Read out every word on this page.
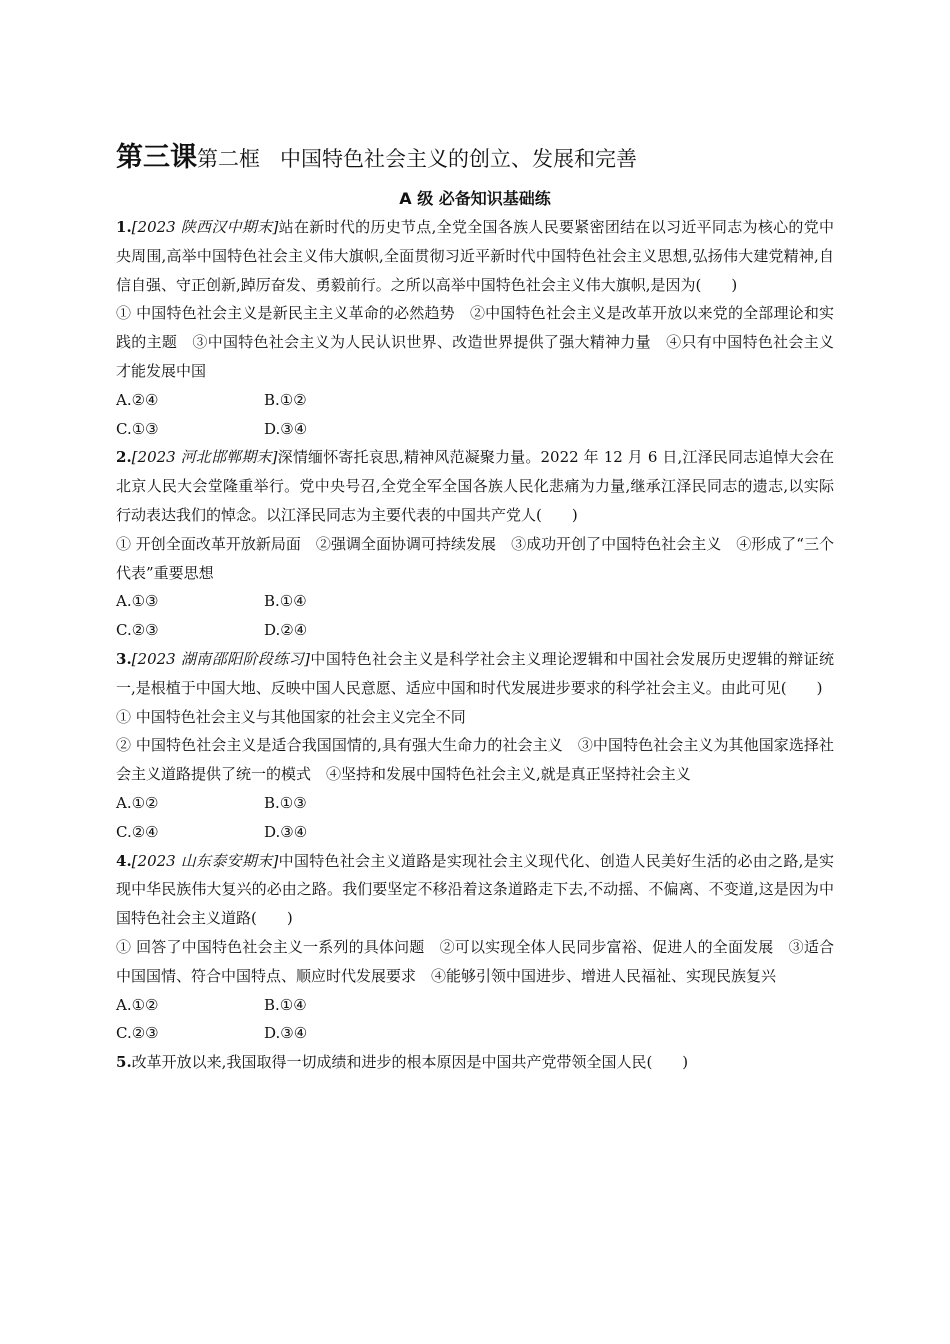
第三课第二框 中国特色社会主义的创立、发展和完善
A 级 必备知识基础练

1.[2023 陕西汉中期末]站在新时代的历史节点,全党全国各族人民要紧密团结在以习近平同志为核心的党中央周围,高举中国特色社会主义伟大旗帜,全面贯彻习近平新时代中国特色社会主义思想,弘扬伟大建党精神,自信自强、守正创新,踔厉奋发、勇毅前行。之所以高举中国特色社会主义伟大旗帜,是因为(　　)

① 中国特色社会主义是新民主主义革命的必然趋势　②中国特色社会主义是改革开放以来党的全部理论和实践的主题　③中国特色社会主义为人民认识世界、改造世界提供了强大精神力量　④只有中国特色社会主义才能发展中国

A.②④	B.①②
C.①③	D.③④

2.[2023 河北邯郸期末]深情缅怀寄托哀思,精神风范凝聚力量。2022 年 12 月 6 日,江泽民同志追悼大会在北京人民大会堂隆重举行。党中央号召,全党全军全国各族人民化悲痛为力量,继承江泽民同志的遗志,以实际行动表达我们的悼念。以江泽民同志为主要代表的中国共产党人(　　)

① 开创全面改革开放新局面　②强调全面协调可持续发展　③成功开创了中国特色社会主义　④形成了“三个代表”重要思想

A.①③	B.①④
C.②③	D.②④

3.[2023 湖南邵阳阶段练习]中国特色社会主义是科学社会主义理论逻辑和中国社会发展历史逻辑的辩证统一,是根植于中国大地、反映中国人民意愿、适应中国和时代发展进步要求的科学社会主义。由此可见(　　)

① 中国特色社会主义与其他国家的社会主义完全不同

② 中国特色社会主义是适合我国国情的,具有强大生命力的社会主义　③中国特色社会主义为其他国家选择社会主义道路提供了统一的模式　④坚持和发展中国特色社会主义,就是真正坚持社会主义

A.①②	B.①③
C.②④	D.③④

4.[2023 山东泰安期末]中国特色社会主义道路是实现社会主义现代化、创造人民美好生活的必由之路,是实现中华民族伟大复兴的必由之路。我们要坚定不移沿着这条道路走下去,不动摇、不偏离、不变道,这是因为中国特色社会主义道路(　　)

① 回答了中国特色社会主义一系列的具体问题　②可以实现全体人民同步富裕、促进人的全面发展　③适合中国国情、符合中国特点、顺应时代发展要求　④能够引领中国进步、增进人民福祉、实现民族复兴

A.①②	B.①④
C.②③	D.③④

5.改革开放以来,我国取得一切成绩和进步的根本原因是中国共产党带领全国人民(　　)
